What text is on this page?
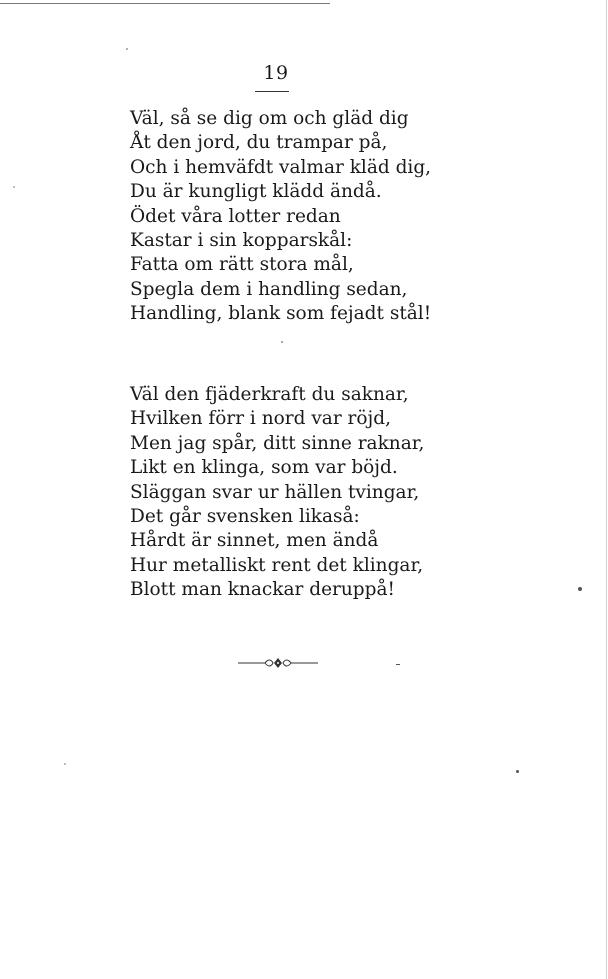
19
Väl, så se dig om och gläd dig
Åt den jord, du trampar på,
Och i hemväfdt valmar kläd dig,
Du är kungligt klädd ändå.
Ödet våra lotter redan
Kastar i sin kopparskål:
Fatta om rätt stora mål,
Spegla dem i handling sedan,
Handling, blank som fejadt stål!
Väl den fjäderkraft du saknar,
Hvilken förr i nord var röjd,
Men jag spår, ditt sinne raknar,
Likt en klinga, som var böjd.
Släggan svar ur hällen tvingar,
Det går svensken likaså:
Hårdt är sinnet, men ändå
Hur metalliskt rent det klingar,
Blott man knackar deruppå!
